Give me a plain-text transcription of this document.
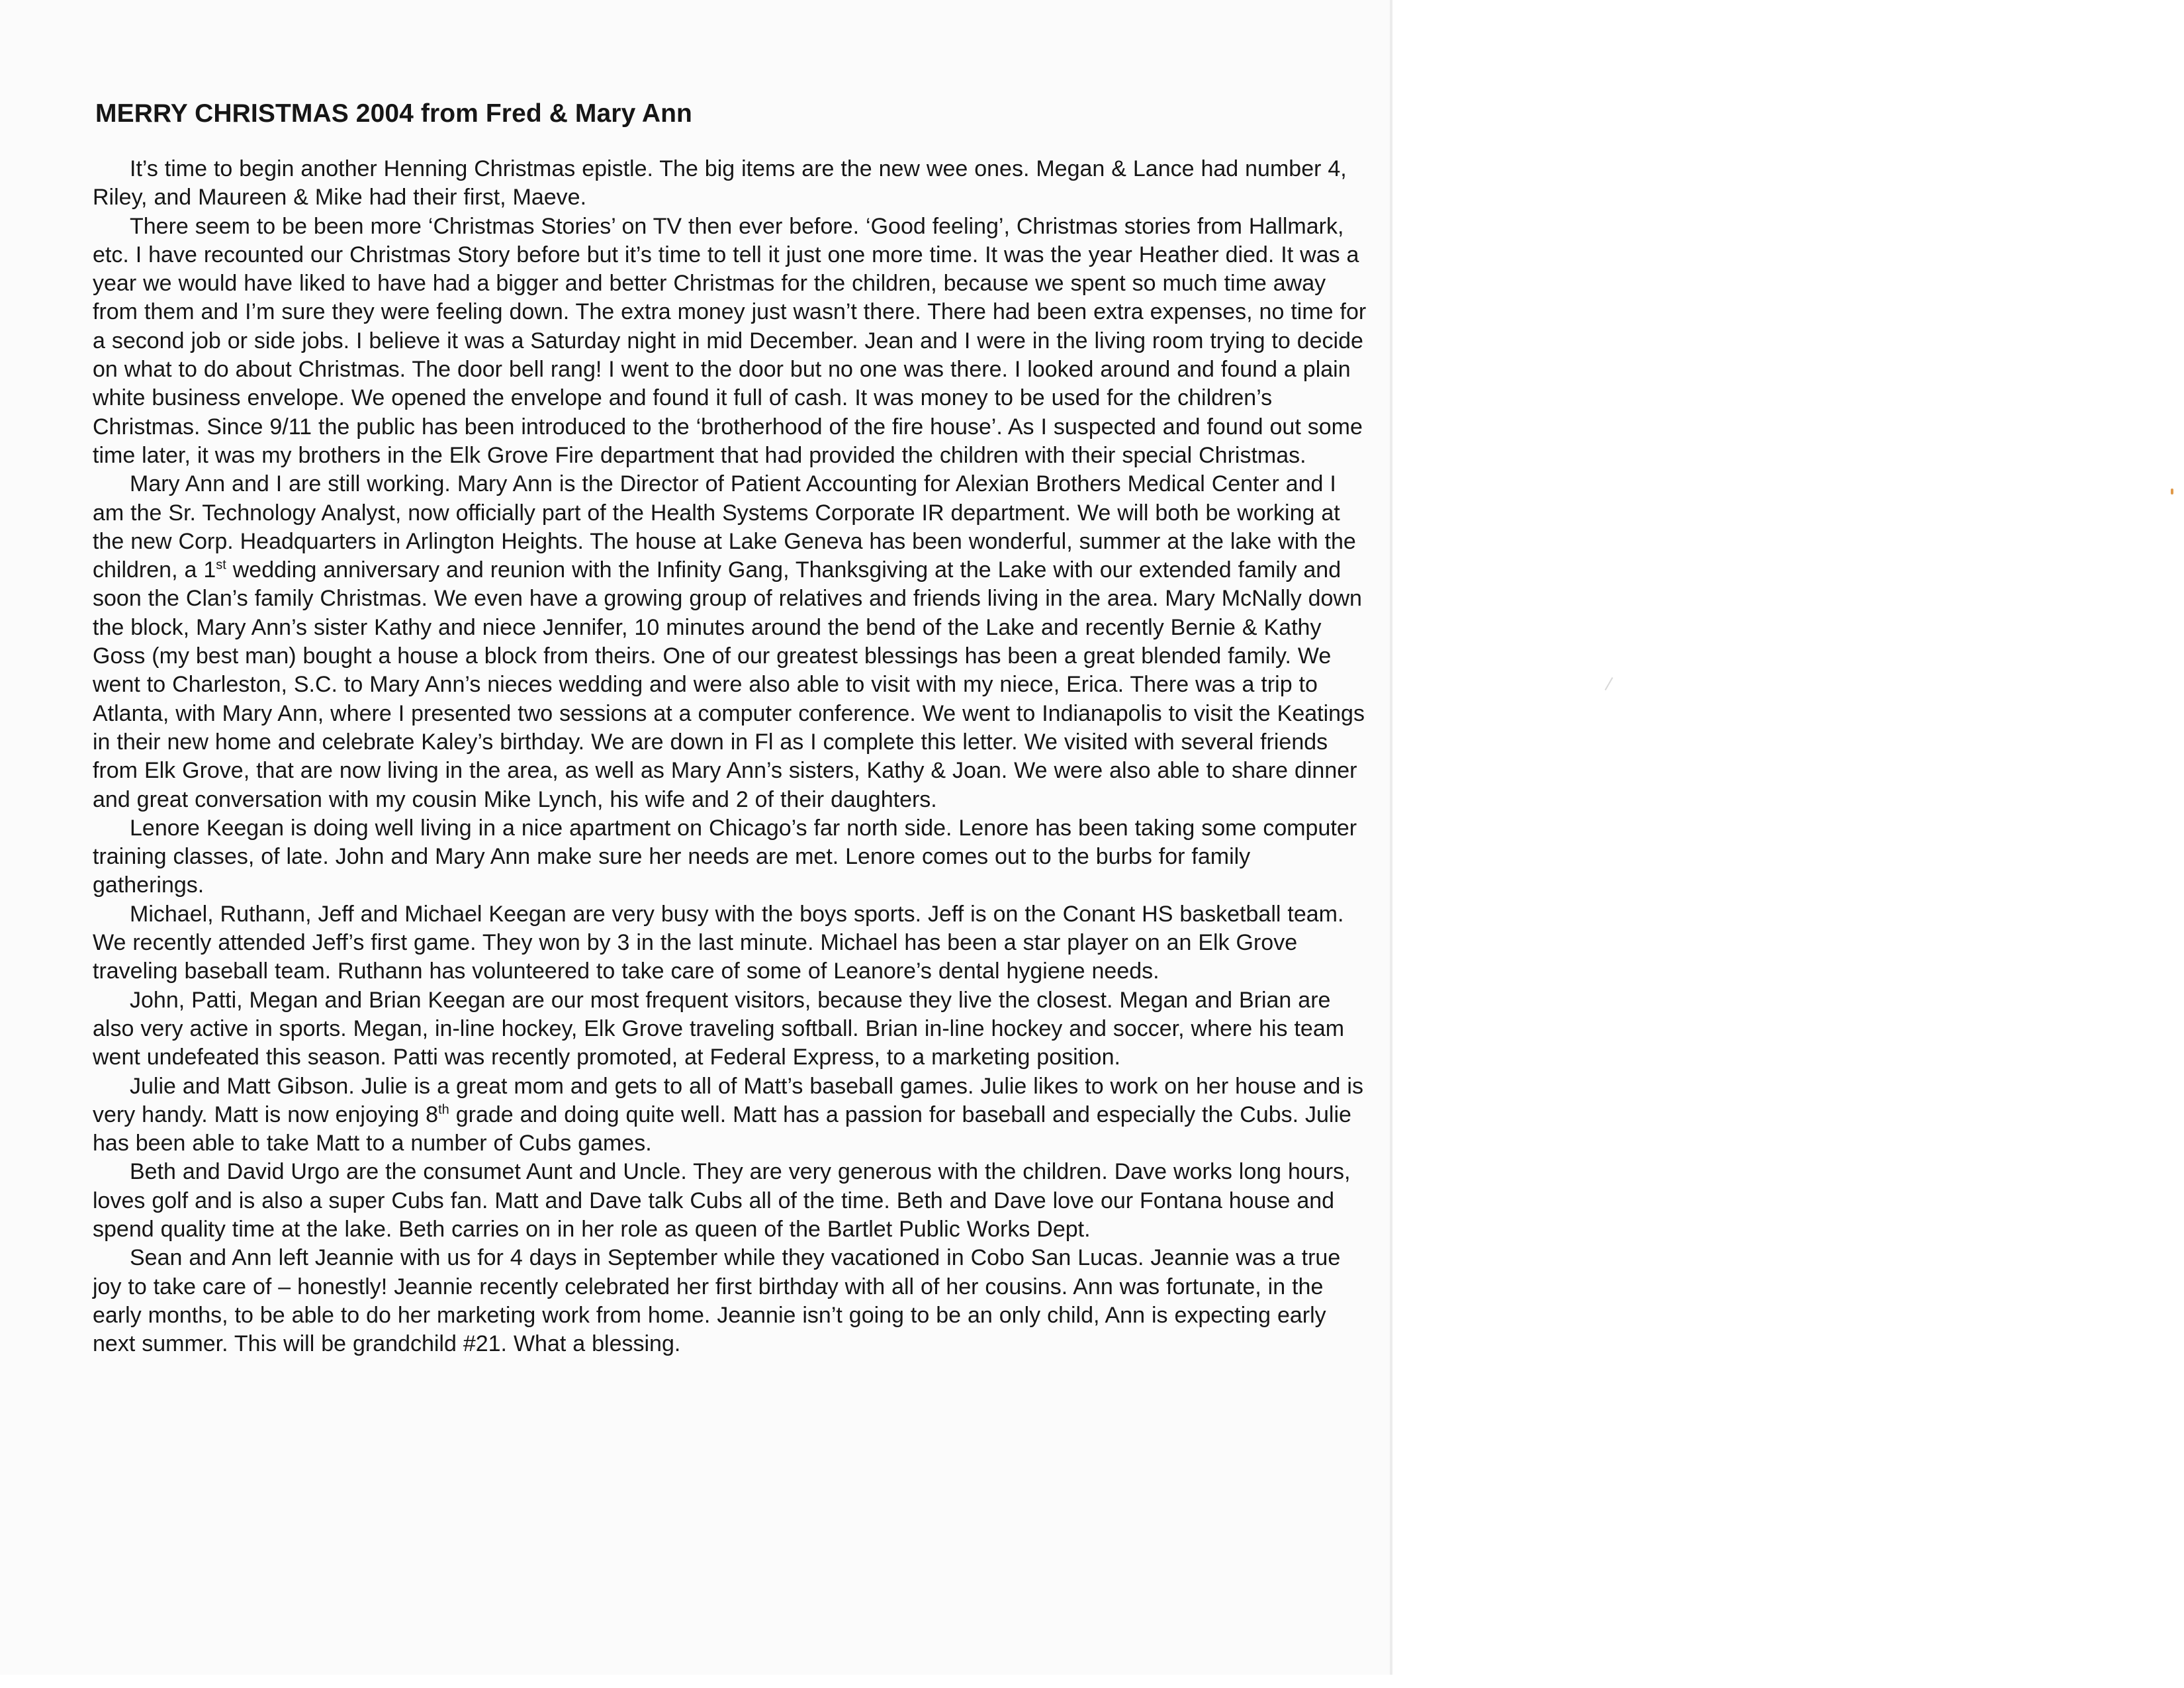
MERRY CHRISTMAS 2004 from Fred & Mary Ann

It’s time to begin another Henning Christmas epistle. The big items are the new wee ones. Megan & Lance had number 4, Riley, and Maureen & Mike had their first, Maeve.

There seem to be been more ‘Christmas Stories’ on TV then ever before. ‘Good feeling’, Christmas stories from Hallmark, etc. I have recounted our Christmas Story before but it’s time to tell it just one more time. It was the year Heather died. It was a year we would have liked to have had a bigger and better Christmas for the children, because we spent so much time away from them and I’m sure they were feeling down. The extra money just wasn’t there. There had been extra expenses, no time for a second job or side jobs. I believe it was a Saturday night in mid December. Jean and I were in the living room trying to decide on what to do about Christmas. The door bell rang! I went to the door but no one was there. I looked around and found a plain white business envelope. We opened the envelope and found it full of cash. It was money to be used for the children’s Christmas. Since 9/11 the public has been introduced to the ‘brotherhood of the fire house’. As I suspected and found out some time later, it was my brothers in the Elk Grove Fire department that had provided the children with their special Christmas.

Mary Ann and I are still working. Mary Ann is the Director of Patient Accounting for Alexian Brothers Medical Center and I am the Sr. Technology Analyst, now officially part of the Health Systems Corporate IR department. We will both be working at the new Corp. Headquarters in Arlington Heights. The house at Lake Geneva has been wonderful, summer at the lake with the children, a 1st wedding anniversary and reunion with the Infinity Gang, Thanksgiving at the Lake with our extended family and soon the Clan’s family Christmas. We even have a growing group of relatives and friends living in the area. Mary McNally down the block, Mary Ann’s sister Kathy and niece Jennifer, 10 minutes around the bend of the Lake and recently Bernie & Kathy Goss (my best man) bought a house a block from theirs. One of our greatest blessings has been a great blended family. We went to Charleston, S.C. to Mary Ann’s nieces wedding and were also able to visit with my niece, Erica. There was a trip to Atlanta, with Mary Ann, where I presented two sessions at a computer conference. We went to Indianapolis to visit the Keatings in their new home and celebrate Kaley’s birthday. We are down in Fl as I complete this letter. We visited with several friends from Elk Grove, that are now living in the area, as well as Mary Ann’s sisters, Kathy & Joan. We were also able to share dinner and great conversation with my cousin Mike Lynch, his wife and 2 of their daughters.

Lenore Keegan is doing well living in a nice apartment on Chicago’s far north side. Lenore has been taking some computer training classes, of late. John and Mary Ann make sure her needs are met. Lenore comes out to the burbs for family gatherings.

Michael, Ruthann, Jeff and Michael Keegan are very busy with the boys sports. Jeff is on the Conant HS basketball team. We recently attended Jeff’s first game. They won by 3 in the last minute. Michael has been a star player on an Elk Grove traveling baseball team. Ruthann has volunteered to take care of some of Leanore’s dental hygiene needs.

John, Patti, Megan and Brian Keegan are our most frequent visitors, because they live the closest. Megan and Brian are also very active in sports. Megan, in-line hockey, Elk Grove traveling softball. Brian in-line hockey and soccer, where his team went undefeated this season. Patti was recently promoted, at Federal Express, to a marketing position.

Julie and Matt Gibson. Julie is a great mom and gets to all of Matt’s baseball games. Julie likes to work on her house and is very handy. Matt is now enjoying 8th grade and doing quite well. Matt has a passion for baseball and especially the Cubs. Julie has been able to take Matt to a number of Cubs games.

Beth and David Urgo are the consumet Aunt and Uncle. They are very generous with the children. Dave works long hours, loves golf and is also a super Cubs fan. Matt and Dave talk Cubs all of the time. Beth and Dave love our Fontana house and spend quality time at the lake. Beth carries on in her role as queen of the Bartlet Public Works Dept.

Sean and Ann left Jeannie with us for 4 days in September while they vacationed in Cobo San Lucas. Jeannie was a true joy to take care of – honestly! Jeannie recently celebrated her first birthday with all of her cousins. Ann was fortunate, in the early months, to be able to do her marketing work from home. Jeannie isn’t going to be an only child, Ann is expecting early next summer. This will be grandchild #21. What a blessing.
